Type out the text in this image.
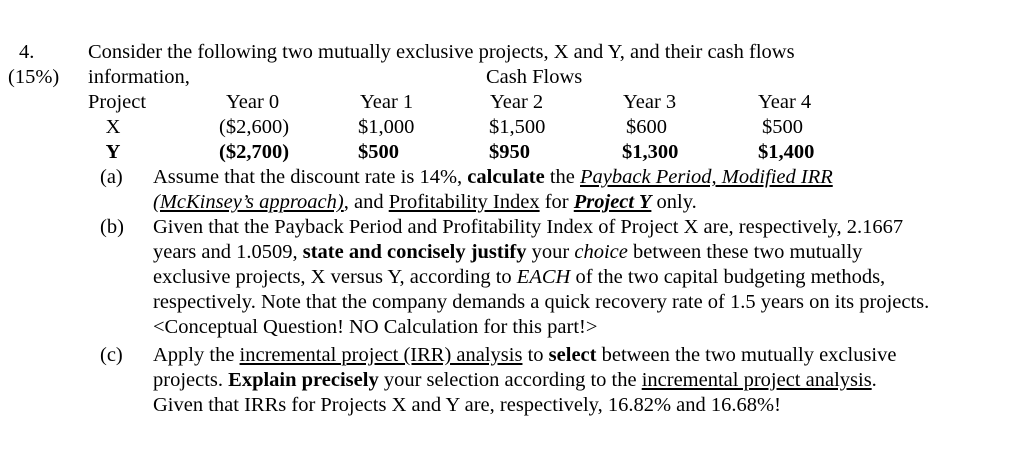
4.	Consider the following two mutually exclusive projects, X and Y, and their cash flows
(15%) information,	Cash Flows
Project	Year 0	Year 1	Year 2	Year 3	Year 4
X	($2,600)	$1,000	$1,500	$600	$500
Y	($2,700)	$500	$950	$1,300	$1,400
(a) Assume that the discount rate is 14%, calculate the Payback Period, Modified IRR
(McKinsey’s approach), and Profitability Index for Project Y only.
(b) Given that the Payback Period and Profitability Index of Project X are, respectively, 2.1667 years and 1.0509, state and concisely justify your choice between these two mutually exclusive projects, X versus Y, according to EACH of the two capital budgeting methods, respectively. Note that the company demands a quick recovery rate of 1.5 years on its projects. <Conceptual Question! NO Calculation for this part!>
(c) Apply the incremental project (IRR) analysis to select between the two mutually exclusive projects. Explain precisely your selection according to the incremental project analysis.
Given that IRRs for Projects X and Y are, respectively, 16.82% and 16.68%!
